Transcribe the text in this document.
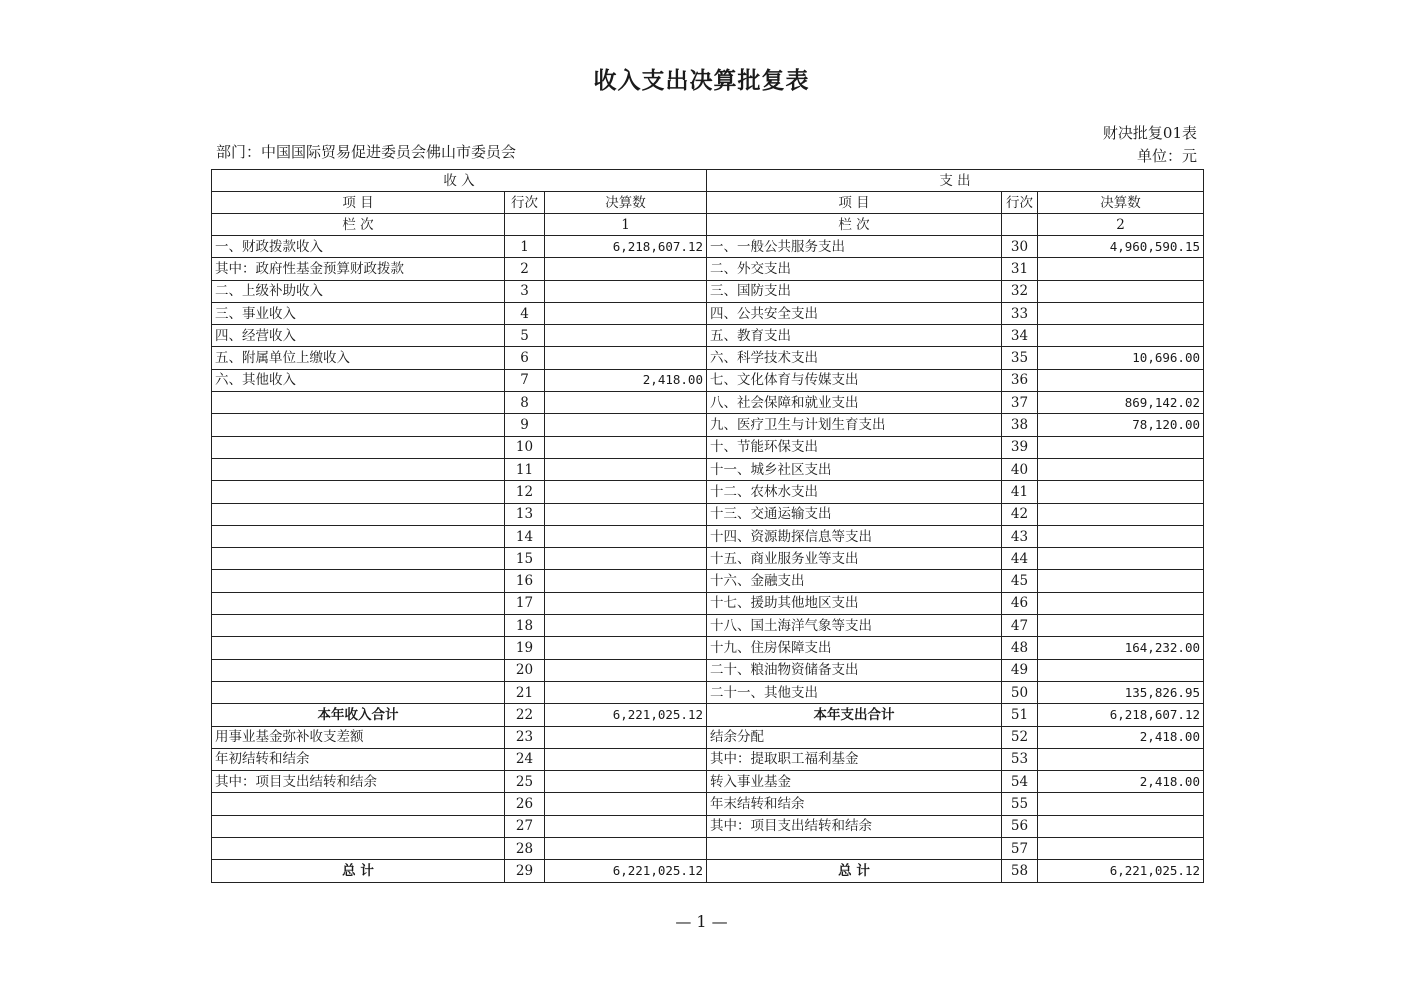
收入支出决算批复表
财决批复01表
单位：元
部门：中国国际贸易促进委员会佛山市委员会
收 入			支 出		
项 目	行次	决算数	项 目	行次	决算数
栏 次		1	栏 次		2
一、财政拨款收入	1	6,218,607.12	一、一般公共服务支出	30	4,960,590.15
其中：政府性基金预算财政拨款	2		二、外交支出	31	
二、上级补助收入	3		三、国防支出	32	
三、事业收入	4		四、公共安全支出	33	
四、经营收入	5		五、教育支出	34	
五、附属单位上缴收入	6		六、科学技术支出	35	10,696.00
六、其他收入	7	2,418.00	七、文化体育与传媒支出	36	
	8		八、社会保障和就业支出	37	869,142.02
	9		九、医疗卫生与计划生育支出	38	78,120.00
	10		十、节能环保支出	39	
	11		十一、城乡社区支出	40	
	12		十二、农林水支出	41	
	13		十三、交通运输支出	42	
	14		十四、资源勘探信息等支出	43	
	15		十五、商业服务业等支出	44	
	16		十六、金融支出	45	
	17		十七、援助其他地区支出	46	
	18		十八、国土海洋气象等支出	47	
	19		十九、住房保障支出	48	164,232.00
	20		二十、粮油物资储备支出	49	
	21		二十一、其他支出	50	135,826.95
本年收入合计	22	6,221,025.12	本年支出合计	51	6,218,607.12
用事业基金弥补收支差额	23		结余分配	52	2,418.00
年初结转和结余	24		其中：提取职工福利基金	53	
其中：项目支出结转和结余	25		转入事业基金	54	2,418.00
	26		年末结转和结余	55	
	27		其中：项目支出结转和结余	56	
	28			57	
总 计	29	6,221,025.12	总 计	58	6,221,025.12
— 1 —
